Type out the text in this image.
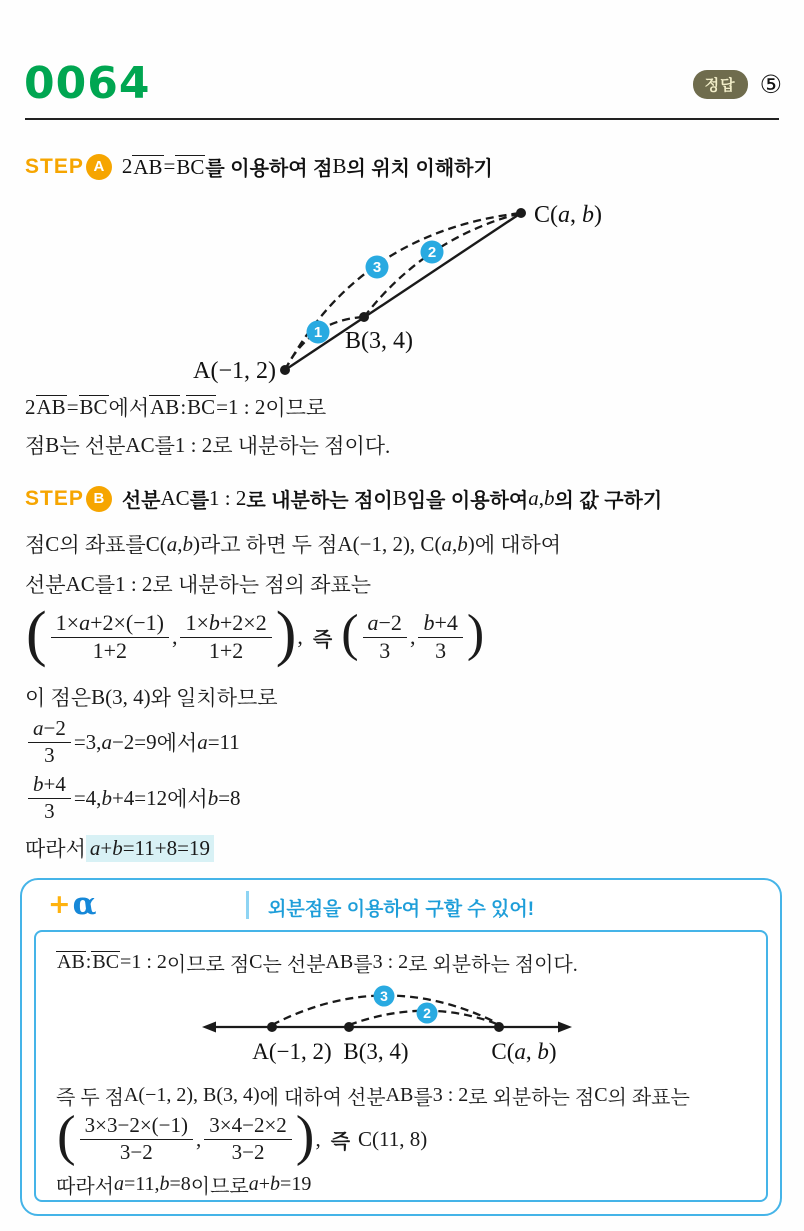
0064	정답 ⑤
STEP A 2 AB = BC 를 이용하여 점 B 의 위치 이해하기
1
2
3
A(−1, 2)
B(3, 4)
C(a, b)
2 AB = BC 에서 AB : BC =1 : 2 이므로
점 B 는 선분 AC 를 1 : 2 로 내분하는 점이다.
STEP B 선분 AC 를 1 : 2 로 내분하는 점이 B 임을 이용하여 a , b 의 값 구하기
점 C 의 좌표를 C( a , b ) 라고 하면 두 점 A(−1, 2), C( a , b ) 에 대하여
선분 AC 를 1 : 2 로 내분하는 점의 좌표는
( $\frac{1\times a+2\times(-1)}{1+2}$ , $\frac{1\times b+2\times 2}{1+2}$ ) , 즉 ( $\frac{a-2}{3}$ , $\frac{b+4}{3}$ )
이 점은 B(3, 4) 와 일치하므로
$\frac{a-2}{3} =3$, a −2=9 에서 a =11
$\frac{b+4}{3} =4$, b +4=12 에서 b =8
따라서 a+b=11+8=19
+ α	외분점을 이용하여 구할 수 있어!
AB : BC =1 : 2 이므로 점 C 는 선분 AB 를 3 : 2 로 외분하는 점이다.
3
2
A(−1, 2) B(3, 4)	C(a, b)
즉 두 점 A(−1, 2), B(3, 4) 에 대하여 선분 AB 를 3 : 2 로 외분하는 점 C 의 좌표는
( $\frac{3\times 3-2\times(-1)}{3-2}$ , $\frac{3\times 4-2\times 2}{3-2}$ ) , 즉 C(11, 8)
따라서 a =11, b =8 이므로 a + b =19
